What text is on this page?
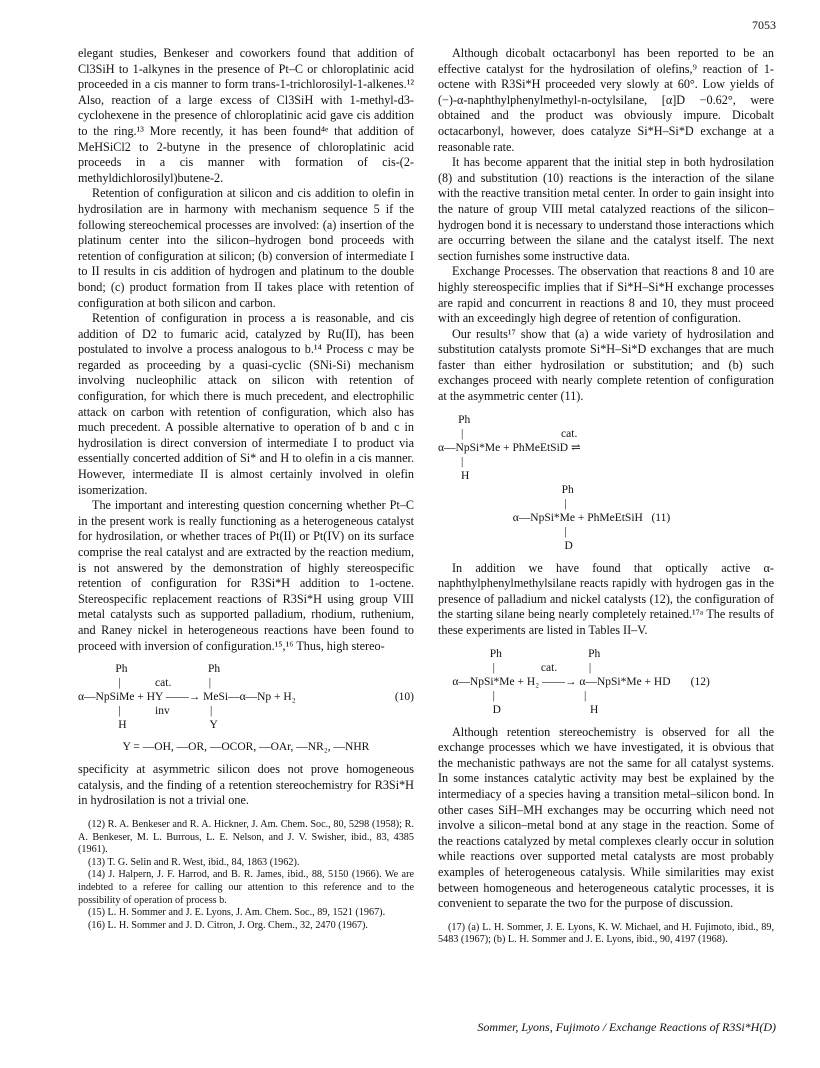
7053

elegant studies, Benkeser and coworkers found that addition of Cl3SiH to 1-alkynes in the presence of Pt–C or chloroplatinic acid proceeded in a cis manner to form trans-1-trichlorosilyl-1-alkenes.¹² Also, reaction of a large excess of Cl3SiH with 1-methyl-d3-cyclohexene in the presence of chloroplatinic acid gave cis addition to the ring.¹³ More recently, it has been found⁴ᵉ that addition of MeHSiCl2 to 2-butyne in the presence of chloroplatinic acid proceeds in a cis manner with formation of cis-(2-methyldichlorosilyl)butene-2.

Retention of configuration at silicon and cis addition to olefin in hydrosilation are in harmony with mechanism sequence 5 if the following stereochemical processes are involved: (a) insertion of the platinum center into the silicon–hydrogen bond proceeds with retention of configuration at silicon; (b) conversion of intermediate I to II results in cis addition of hydrogen and platinum to the double bond; (c) product formation from II takes place with retention of configuration at both silicon and carbon.

Retention of configuration in process a is reasonable, and cis addition of D2 to fumaric acid, catalyzed by Ru(II), has been postulated to involve a process analogous to b.¹⁴ Process c may be regarded as proceeding by a quasi-cyclic (SNi-Si) mechanism involving nucleophilic attack on silicon with retention of configuration, for which there is much precedent, and electrophilic attack on carbon with retention of configuration, which also has much precedent. A possible alternative to operation of b and c in hydrosilation is direct conversion of intermediate I to product via essentially concerted addition of Si* and H to olefin in a cis manner. However, intermediate II is almost certainly involved in olefin isomerization.

The important and interesting question concerning whether Pt–C in the present work is really functioning as a heterogeneous catalyst for hydrosilation, or whether traces of Pt(II) or Pt(IV) on its surface comprise the real catalyst and are extracted by the reaction medium, is not answered by the demonstration of highly stereospecific retention of configuration for R3Si*H addition to 1-octene. Stereospecific replacement reactions of R3Si*H using group VIII metal catalysts such as supported palladium, rhodium, ruthenium, and Raney nickel in heterogeneous reactions have been found to proceed with inversion of configuration.¹⁵,¹⁶ Thus, high stereo-

Ph                            Ph
|            cat.             |
α—NpSiMe + HY ——→ MeSi—α—Np + H₂	(10)
|            inv              |
H                             Y
Y = —OH, —OR, —OCOR, —OAr, —NR₂, —NHR

specificity at asymmetric silicon does not prove homogeneous catalysis, and the finding of a retention stereochemistry for R3Si*H in hydrosilation is not a trivial one.

(12) R. A. Benkeser and R. A. Hickner, J. Am. Chem. Soc., 80, 5298 (1958); R. A. Benkeser, M. L. Burrous, L. E. Nelson, and J. V. Swisher, ibid., 83, 4385 (1961).

(13) T. G. Selin and R. West, ibid., 84, 1863 (1962).

(14) J. Halpern, J. F. Harrod, and B. R. James, ibid., 88, 5150 (1966). We are indebted to a referee for calling our attention to this reference and to the possibility of operation of process b.

(15) L. H. Sommer and J. E. Lyons, J. Am. Chem. Soc., 89, 1521 (1967).

(16) L. H. Sommer and J. D. Citron, J. Org. Chem., 32, 2470 (1967).

Although dicobalt octacarbonyl has been reported to be an effective catalyst for the hydrosilation of olefins,⁹ reaction of 1-octene with R3Si*H proceeded very slowly at 60°. Low yields of (−)-α-naphthylphenylmethyl-n-octylsilane, [α]D −0.62°, were obtained and the product was obviously impure. Dicobalt octacarbonyl, however, does catalyze Si*H–Si*D exchange at a reasonable rate.

It has become apparent that the initial step in both hydrosilation (8) and substitution (10) reactions is the interaction of the silane with the reactive transition metal center. In order to gain insight into the nature of group VIII metal catalyzed reactions of the silicon–hydrogen bond it is necessary to understand those interactions which are occurring between the silane and the catalyst itself. The next section furnishes some instructive data.

Exchange Processes. The observation that reactions 8 and 10 are highly stereospecific implies that if Si*H–Si*H exchange processes are rapid and concurrent in reactions 8 and 10, they must proceed with an exceedingly high degree of retention of configuration.

Our results¹⁷ show that (a) a wide variety of hydrosilation and substitution catalysts promote Si*H–Si*D exchanges that are much faster than either hydrosilation or substitution; and (b) such exchanges proceed with nearly complete retention of configuration at the asymmetric center (11).

Ph
|                                  cat.
α—NpSi*Me + PhMeEtSiD ⇌
|
H
Ph
|
α—NpSi*Me + PhMeEtSiH   (11)
|
D

In addition we have found that optically active α-naphthylphenylmethylsilane reacts rapidly with hydrogen gas in the presence of palladium and nickel catalysts (12), the configuration of the starting silane being nearly completely retained.¹⁷ᵃ The results of these experiments are listed in Tables II–V.

Ph                              Ph
|                cat.           |
α—NpSi*Me + H₂ ——→ α—NpSi*Me + HD       (12)
|                               |
D                               H

Although retention stereochemistry is observed for all the exchange processes which we have investigated, it is obvious that the mechanistic pathways are not the same for all catalyst systems. In some instances catalytic activity may best be explained by the intermediacy of a species having a transition metal–silicon bond. In other cases SiH–MH exchanges may be occurring which need not involve a silicon–metal bond at any stage in the reaction. Some of the reactions catalyzed by metal complexes clearly occur in solution while reactions over supported metal catalysts are most probably examples of heterogeneous catalysis. While similarities may exist between homogeneous and heterogeneous catalytic processes, it is convenient to separate the two for the purpose of discussion.

(17) (a) L. H. Sommer, J. E. Lyons, K. W. Michael, and H. Fujimoto, ibid., 89, 5483 (1967); (b) L. H. Sommer and J. E. Lyons, ibid., 90, 4197 (1968).

Sommer, Lyons, Fujimoto / Exchange Reactions of R3Si*H(D)
